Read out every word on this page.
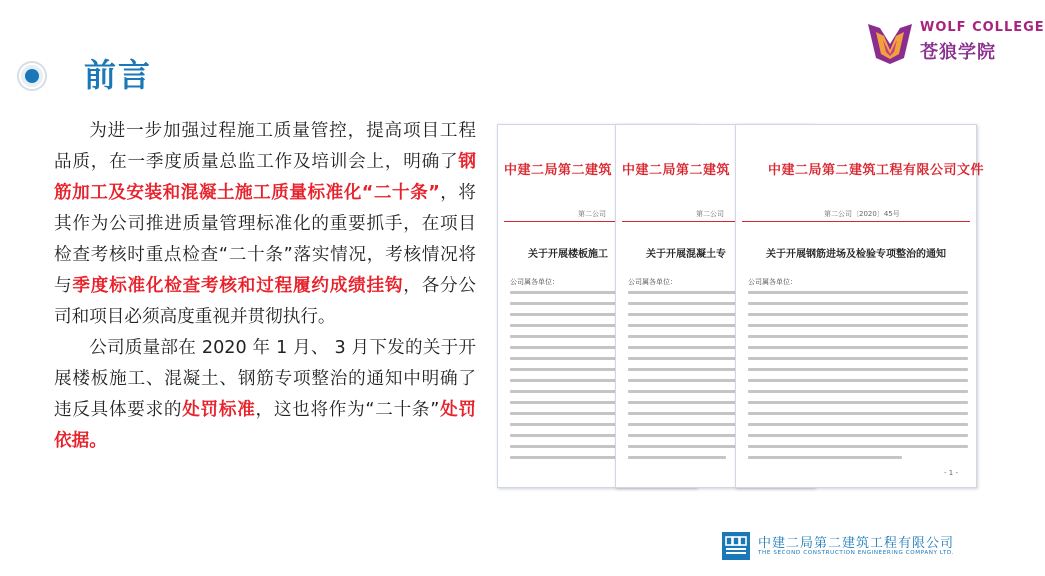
前言
WOLF COLLEGE
苍狼学院

为进一步加强过程施工质量管控，提高项目工程品质，在一季度质量总监工作及培训会上，明确了钢筋加工及安装和混凝土施工质量标准化“二十条”，将其作为公司推进质量管理标准化的重要抓手，在项目检查考核时重点检查“二十条”落实情况，考核情况将与季度标准化检查考核和过程履约成绩挂钩，各分公司和项目必须高度重视并贯彻执行。

公司质量部在 2020 年 1 月、 3 月下发的关于开展楼板施工、混凝土、钢筋专项整治的通知中明确了违反具体要求的处罚标准，这也将作为“二十条”处罚依据。

中建二局第二建筑
第二公司
关于开展楼板施工
公司属各单位：
中建二局第二建筑
第二公司
关于开展混凝土专
公司属各单位：
中建二局第二建筑工程有限公司文件
第二公司〔2020〕45号
关于开展钢筋进场及检验专项整治的通知
公司属各单位：
- 1 -
中建二局第二建筑工程有限公司
THE SECOND CONSTRUCTION ENGINEERING COMPANY LTD.
